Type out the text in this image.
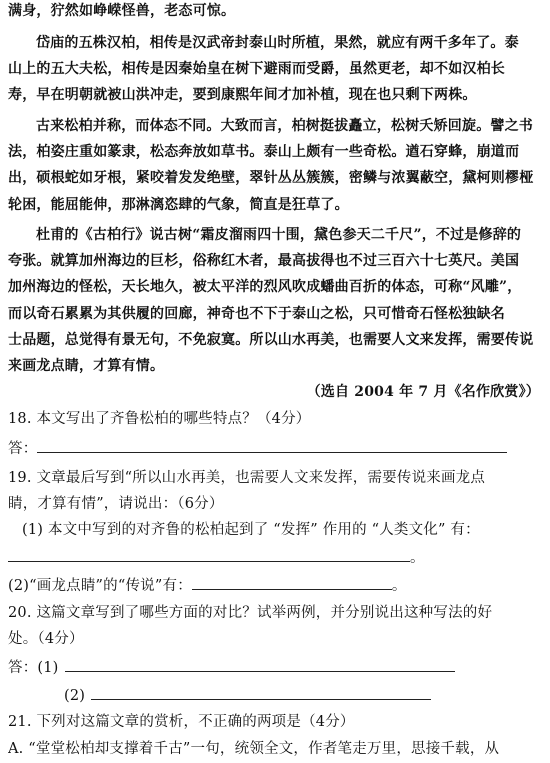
满身，狞然如峥嵘怪兽，老态可惊。
岱庙的五株汉柏，相传是汉武帝封泰山时所植，果然，就应有两千多年了。泰
山上的五大夫松，相传是因秦始皇在树下避雨而受爵，虽然更老，却不如汉柏长
寿，早在明朝就被山洪冲走，要到康熙年间才加补植，现在也只剩下两株。
古来松柏并称，而体态不同。大致而言，柏树挺拔矗立，松树夭矫回旋。譬之书
法，柏姿庄重如篆隶，松态奔放如草书。泰山上颇有一些奇松。遒石穿蜂，崩道而
出，硕根蛇如牙根，紧咬着发发绝壁，翠针丛丛簇簇，密鳞与浓翼蔽空，黛柯则樛桠
轮困，能屈能伸，那淋漓恣肆的气象，简直是狂草了。
杜甫的《古柏行》说古树“霜皮溜雨四十围，黛色参天二千尺”，不过是修辞的
夸张。就算加州海边的巨杉，俗称红木者，最高拔得也不过三百六十七英尺。美国
加州海边的怪松，天长地久，被太平洋的烈风吹成蟠曲百折的体态，可称“风雕”，
而以奇石累累为其供履的回廊，神奇也不下于泰山之松，只可惜奇石怪松独缺名
士品题，总觉得有景无句，不免寂寞。所以山水再美，也需要人文来发挥，需要传说
来画龙点睛，才算有情。
（选自 2004 年 7 月《名作欣赏》）
18. 本文写出了齐鲁松柏的哪些特点？（4分）
答：
19. 文章最后写到“所以山水再美，也需要人文来发挥，需要传说来画龙点
睛，才算有情”，请说出：（6分）
(1) 本文中写到的对齐鲁的松柏起到了 “发挥” 作用的 “人类文化” 有：
。
(2)“画龙点睛”的“传说”有：	。
20. 这篇文章写到了哪些方面的对比？试举两例，并分别说出这种写法的好
处。（4分）
答：(1)
(2)
21. 下列对这篇文章的赏析，不正确的两项是（4分）
A. “堂堂松柏却支撑着千古”一句，统领全文，作者笔走万里，思接千载，从
